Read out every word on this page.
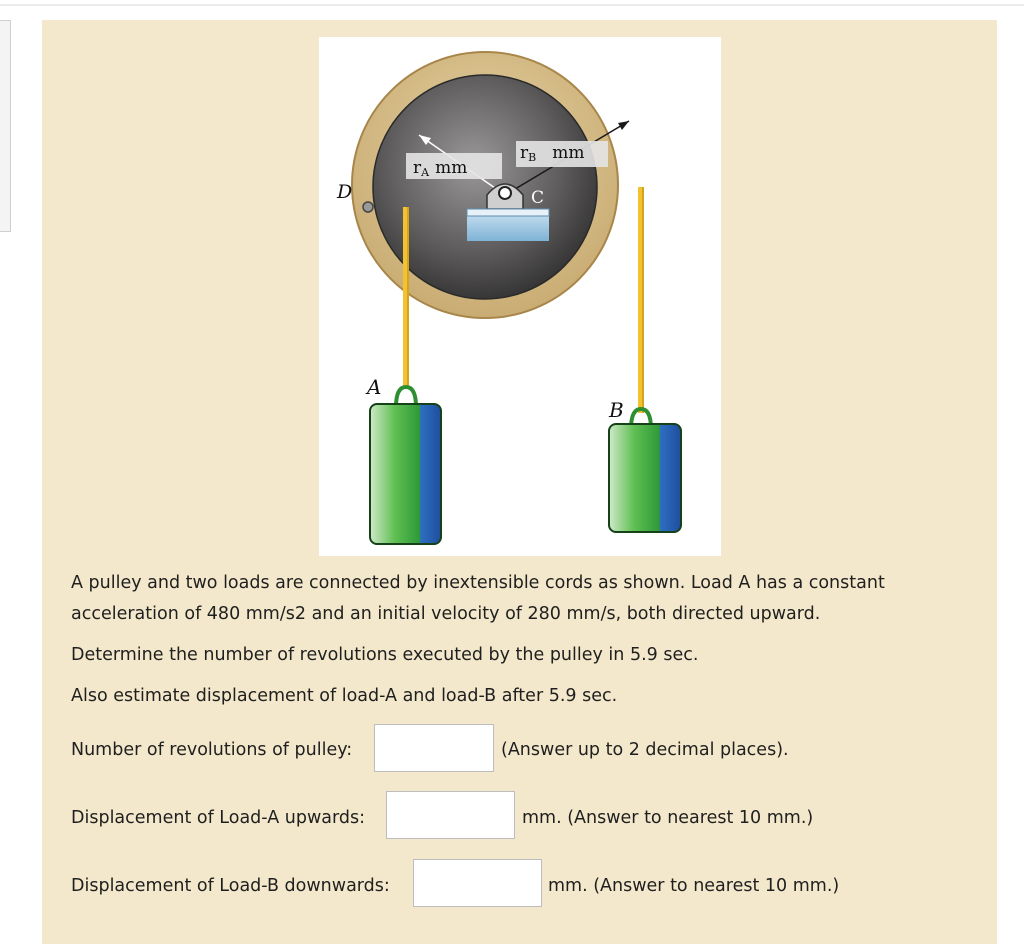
D	C
rA mm
rB mm
A
B
A pulley and two loads are connected by inextensible cords as shown. Load A has a constant
acceleration of 480 mm/s2 and an initial velocity of 280 mm/s, both directed upward.
Determine the number of revolutions executed by the pulley in 5.9 sec.
Also estimate displacement of load-A and load-B after 5.9 sec.
Number of revolutions of pulley:	(Answer up to 2 decimal places).
Displacement of Load-A upwards:	mm. (Answer to nearest 10 mm.)
Displacement of Load-B downwards:	mm. (Answer to nearest 10 mm.)
